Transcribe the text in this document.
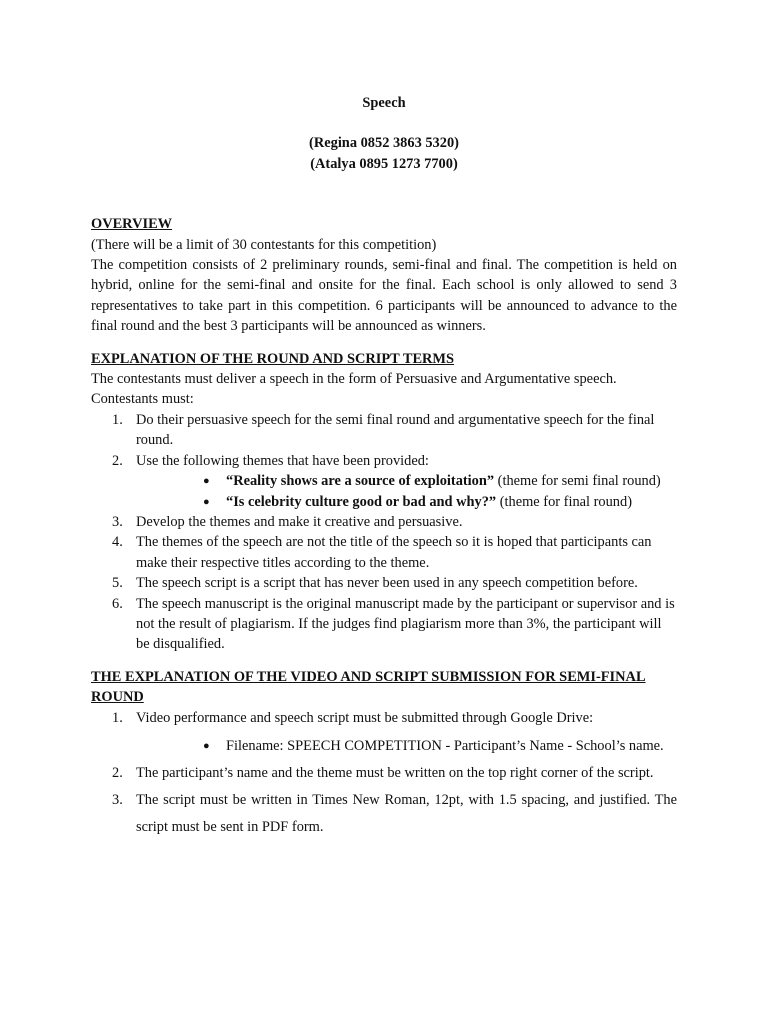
Speech

(Regina 0852 3863 5320)

(Atalya 0895 1273 7700)

OVERVIEW

(There will be a limit of 30 contestants for this competition)

The competition consists of 2 preliminary rounds, semi-final and final. The competition is held on hybrid, online for the semi-final and onsite for the final. Each school is only allowed to send 3 representatives to take part in this competition. 6 participants will be announced to advance to the final round and the best 3 participants will be announced as winners.

EXPLANATION OF THE ROUND AND SCRIPT TERMS

The contestants must deliver a speech in the form of Persuasive and Argumentative speech.

Contestants must:

1. Do their persuasive speech for the semi final round and argumentative speech for the final round.
2. Use the following themes that have been provided:
● “Reality shows are a source of exploitation” (theme for semi final round)
● “Is celebrity culture good or bad and why?” (theme for final round)
3. Develop the themes and make it creative and persuasive.
4. The themes of the speech are not the title of the speech so it is hoped that participants can make their respective titles according to the theme.
5. The speech script is a script that has never been used in any speech competition before.
6. The speech manuscript is the original manuscript made by the participant or supervisor and is not the result of plagiarism. If the judges find plagiarism more than 3%, the participant will be disqualified.

THE EXPLANATION OF THE VIDEO AND SCRIPT SUBMISSION FOR SEMI-FINAL ROUND

1. Video performance and speech script must be submitted through Google Drive:
● Filename: SPEECH COMPETITION - Participant’s Name - School’s name.
2. The participant’s name and the theme must be written on the top right corner of the script.
3. The script must be written in Times New Roman, 12pt, with 1.5 spacing, and justified. The script must be sent in PDF form.
